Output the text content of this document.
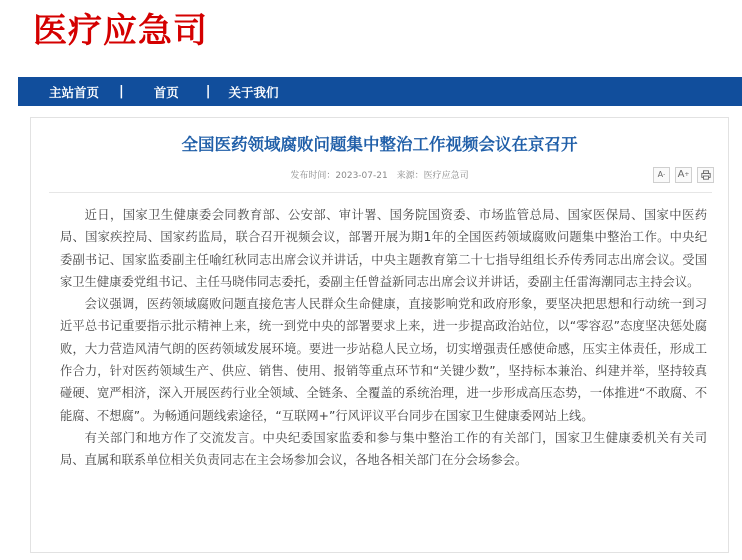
医疗应急司
主站首页 | 首页 | 关于我们
全国医药领域腐败问题集中整治工作视频会议在京召开
发布时间：2023-07-21 来源：医疗应急司	A - A +

近日，国家卫生健康委会同教育部、公安部、审计署、国务院国资委、市场监管总局、国家医保局、国家中医药局、国家疾控局、国家药监局，联合召开视频会议，部署开展为期1年的全国医药领域腐败问题集中整治工作。中央纪委副书记、国家监委副主任喻红秋同志出席会议并讲话，中央主题教育第二十七指导组组长乔传秀同志出席会议。受国家卫生健康委党组书记、主任马晓伟同志委托，委副主任曾益新同志出席会议并讲话，委副主任雷海潮同志主持会议。

会议强调，医药领域腐败问题直接危害人民群众生命健康，直接影响党和政府形象，要坚决把思想和行动统一到习近平总书记重要指示批示精神上来，统一到党中央的部署要求上来，进一步提高政治站位，以“零容忍”态度坚决惩处腐败，大力营造风清气朗的医药领域发展环境。要进一步站稳人民立场，切实增强责任感使命感，压实主体责任，形成工作合力，针对医药领域生产、供应、销售、使用、报销等重点环节和“关键少数”，坚持标本兼治、纠建并举，坚持较真碰硬、宽严相济，深入开展医药行业全领域、全链条、全覆盖的系统治理，进一步形成高压态势，一体推进“不敢腐、不能腐、不想腐”。为畅通问题线索途径，“互联网+”行风评议平台同步在国家卫生健康委网站上线。

有关部门和地方作了交流发言。中央纪委国家监委和参与集中整治工作的有关部门，国家卫生健康委机关有关司局、直属和联系单位相关负责同志在主会场参加会议，各地各相关部门在分会场参会。
